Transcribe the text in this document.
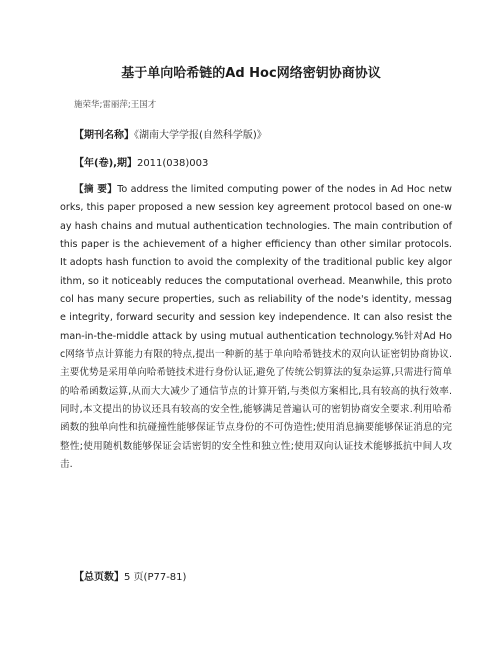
基于单向哈希链的Ad Hoc网络密钥协商协议
施荣华;雷丽萍;王国才
【期刊名称】《湖南大学学报(自然科学版)》
【年(卷),期】2011(038)003

【摘 要】To address the limited computing power of the nodes in Ad Hoc networks, this paper proposed a new session key agreement protocol based on one-way hash chains and mutual authentication technologies. The main contribution of this paper is the achievement of a higher efficiency than other similar protocols. It adopts hash function to avoid the complexity of the traditional public key algorithm, so it noticeably reduces the computational overhead. Meanwhile, this protocol has many secure properties, such as reliability of the node's identity, message integrity, forward security and session key independence. It can also resist the man-in-the-middle attack by using mutual authentication technology.%针对Ad Hoc网络节点计算能力有限的特点,提出一种新的基于单向哈希链技术的双向认证密钥协商协议.主要优势是采用单向哈希链技术进行身份认证,避免了传统公钥算法的复杂运算,只需进行简单的哈希函数运算,从而大大减少了通信节点的计算开销,与类似方案相比,具有较高的执行效率.同时,本文提出的协议还具有较高的安全性,能够满足普遍认可的密钥协商安全要求.利用哈希函数的独单向性和抗碰撞性能够保证节点身份的不可伪造性;使用消息摘要能够保证消息的完整性;使用随机数能够保证会话密钥的安全性和独立性;使用双向认证技术能够抵抗中间人攻击.

【总页数】5 页(P77-81)
